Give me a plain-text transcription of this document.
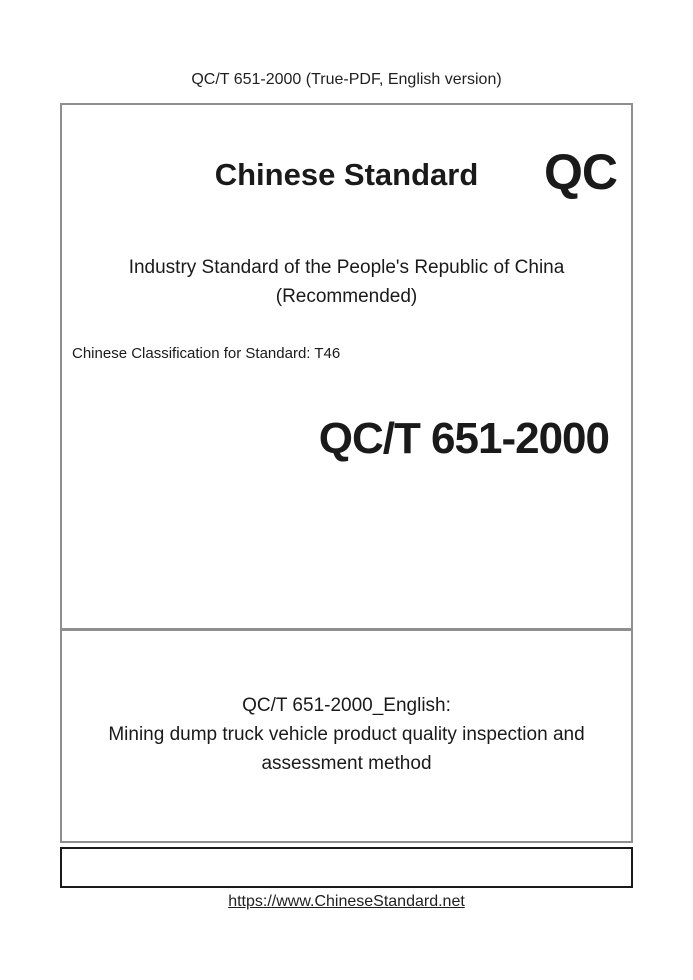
QC/T 651-2000 (True-PDF, English version)
Chinese Standard QC
Industry Standard of the People's Republic of China
(Recommended)
Chinese Classification for Standard: T46
QC/T 651-2000
QC/T 651-2000_English:
Mining dump truck vehicle product quality inspection and
assessment method
https://www.ChineseStandard.net
